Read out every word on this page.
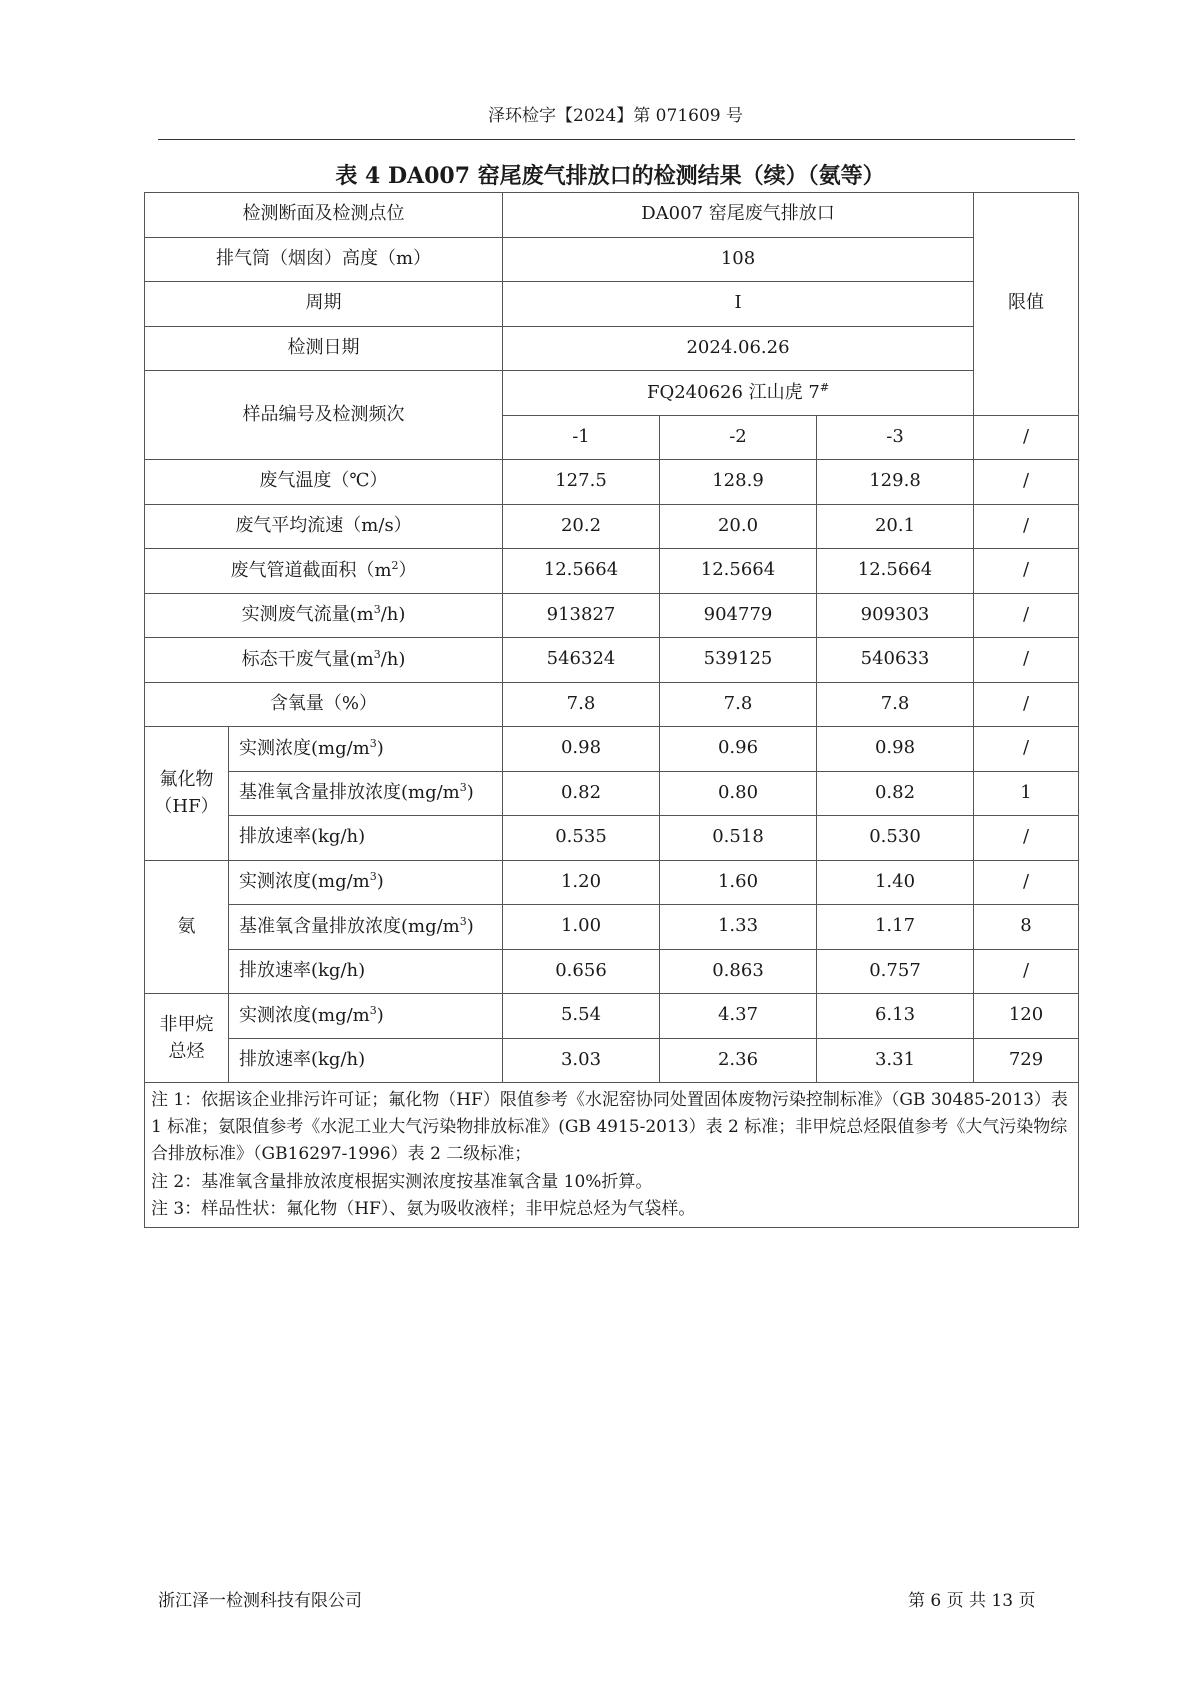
泽环检字【2024】第 071609 号
表 4 DA007 窑尾废气排放口的检测结果（续）（氨等）
检测断面及检测点位		DA007 窑尾废气排放口			限值
排气筒（烟囱）高度（m）		108			
周期		I			
检测日期		2024.06.26			
样品编号及检测频次		FQ240626 江山虎 7#
		-1	-2	-3	/
废气温度（℃）		127.5	128.9	129.8	/
废气平均流速（m/s）		20.2	20.0	20.1	/
废气管道截面积$(m^2)$		12.5664	12.5664	12.5664	/
实测废气流量$(m^3/h)$		913827	904779	909303	/
标态干废气量$(m^3/h)$		546324	539125	540633	/
含氧量（%）		7.8	7.8	7.8	/

氟化物
（HF）	实测浓度$(mg/m^3)$	0.98	0.96	0.98	/
	基准氧含量排放浓度$(mg/m^3)$	0.82	0.80	0.82	1
	排放速率(kg/h)	0.535	0.518	0.530	/

氨	实测浓度$(mg/m^3)$	1.20	1.60	1.40	/
	基准氧含量排放浓度$(mg/m^3)$	1.00	1.33	1.17	8
	排放速率(kg/h)	0.656	0.863	0.757	/

非甲烷
总烃	实测浓度$(mg/m^3)$	5.54	4.37	6.13	120
	排放速率(kg/h)	3.03	2.36	3.31	729

注 1：依据该企业排污许可证；氟化物（HF）限值参考《水泥窑协同处置固体废物污染控制标准》（GB 30485-2013）表 1 标准；氨限值参考《水泥工业大气污染物排放标准》(GB 4915-2013）表 2 标准；非甲烷总烃限值参考《大气污染物综合排放标准》（GB16297-1996）表 2 二级标准；
注 2：基准氧含量排放浓度根据实测浓度按基准氧含量 10%折算。
注 3：样品性状：氟化物（HF）、氨为吸收液样；非甲烷总烃为气袋样。					
浙江泽一检测科技有限公司	第 6 页 共 13 页
